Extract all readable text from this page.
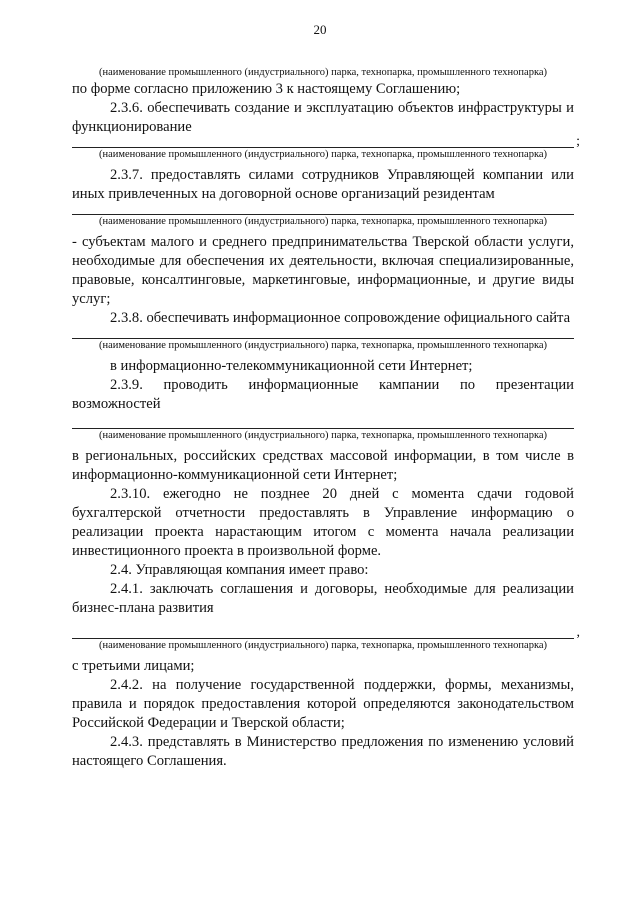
20

(наименование промышленного (индустриального) парка, технопарка, промышленного технопарка)

по форме согласно приложению 3 к настоящему Соглашению;

2.3.6. обеспечивать создание и эксплуатацию объектов инфраструктуры и функционирование

;

(наименование промышленного (индустриального) парка, технопарка, промышленного технопарка)

2.3.7. предоставлять силами сотрудников Управляющей компании или иных привлеченных на договорной основе организаций резидентам

(наименование промышленного (индустриального) парка, технопарка, промышленного технопарка)

- субъектам малого и среднего предпринимательства Тверской области услуги, необходимые для обеспечения их деятельности, включая специализированные, правовые, консалтинговые, маркетинговые, информационные, и другие виды услуг;

2.3.8. обеспечивать информационное сопровождение официального сайта

(наименование промышленного (индустриального) парка, технопарка, промышленного технопарка)

в информационно-телекоммуникационной сети Интернет;

2.3.9. проводить информационные кампании по презентации возможностей

(наименование промышленного (индустриального) парка, технопарка, промышленного технопарка)

в региональных, российских средствах массовой информации, в том числе в информационно-коммуникационной сети Интернет;

2.3.10. ежегодно не позднее 20 дней с момента сдачи годовой бухгалтерской отчетности предоставлять в Управление информацию о реализации проекта нарастающим итогом с момента начала реализации инвестиционного проекта в произвольной форме.

2.4. Управляющая компания имеет право:

2.4.1. заключать соглашения и договоры, необходимые для реализации бизнес-плана развития

,

(наименование промышленного (индустриального) парка, технопарка, промышленного технопарка)

с третьими лицами;

2.4.2. на получение государственной поддержки, формы, механизмы, правила и порядок предоставления которой определяются законодательством Российской Федерации и Тверской области;

2.4.3. представлять в Министерство предложения по изменению условий настоящего Соглашения.
